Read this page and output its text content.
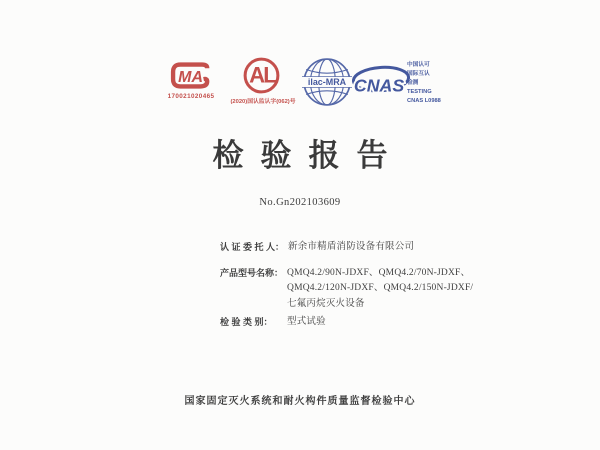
MA
170021020465
AL
(2020)国认监认字(062)号
ilac-MRA CNAS
中国认可
国际互认
检测
TESTING
CNAS L0988
检验报告
No.Gn202103609
认 证 委 托 人： 新余市精盾消防设备有限公司
产品型号名称： QMQ4.2/90N-JDXF、QMQ4.2/70N-JDXF、
QMQ4.2/120N-JDXF、QMQ4.2/150N-JDXF/
七氟丙烷灭火设备
检 验 类 别：	型式试验
国家固定灭火系统和耐火构件质量监督检验中心
